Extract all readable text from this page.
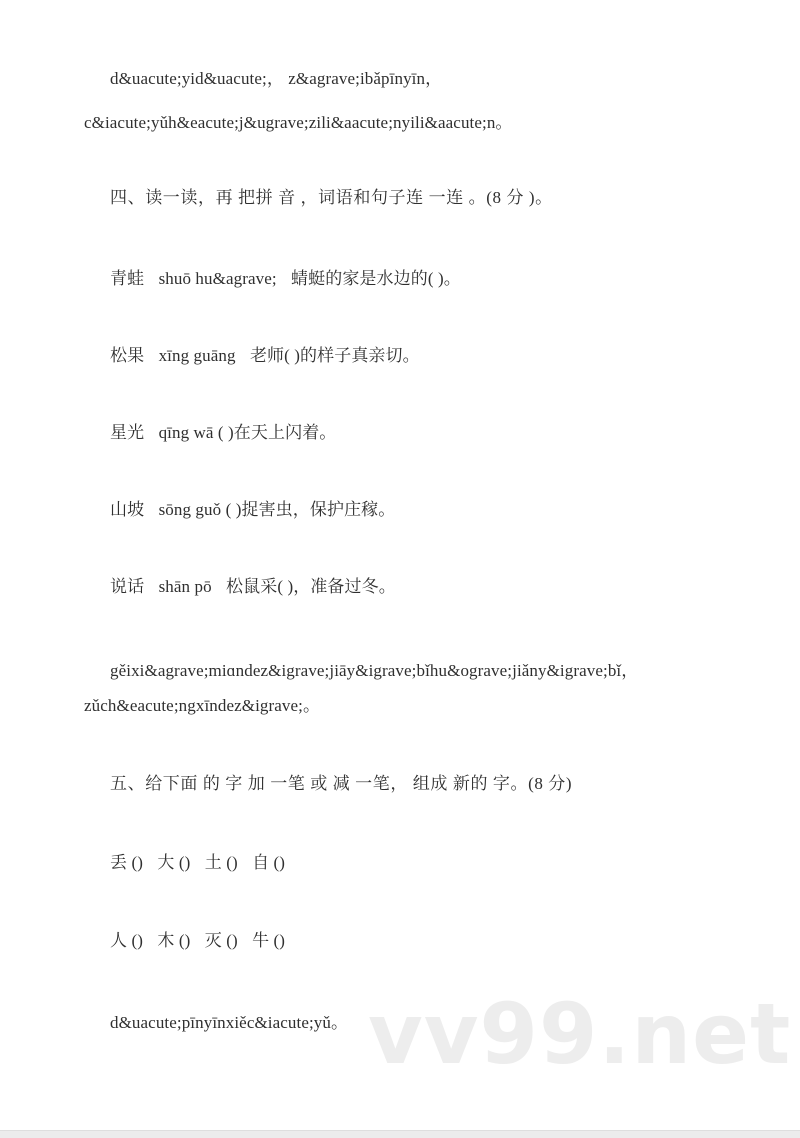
d&uacute;yid&uacute;， z&agrave;ibǎpīnyīn，
c&iacute;yǔh&eacute;j&ugrave;zili&aacute;nyili&aacute;n。
四、读一读，再 把拼 音 ，词语和句子连 一连 。(8 分 )。
青蛙 shuō hu&agrave; 蜻蜓的家是水边的( )。
松果 xīng guāng 老师( )的样子真亲切。
星光 qīng wā ( )在天上闪着。
山坡 sōng guǒ ( )捉害虫，保护庄稼。
说话 shān pō 松鼠采( )，准备过冬。
gěixi&agrave;miɑndez&igrave;jiāy&igrave;bǐhu&ograve;jiǎny&igrave;bǐ，
zǔch&eacute;ngxīndez&igrave;。
五、给下面 的 字 加 一笔 或 减 一笔， 组成 新的 字。(8 分)
丢 () 大 () 土 () 自 ()
人 () 木 () 灭 () 牛 ()
d&uacute;pīnyīnxiěc&iacute;yǔ。 vv99.net
